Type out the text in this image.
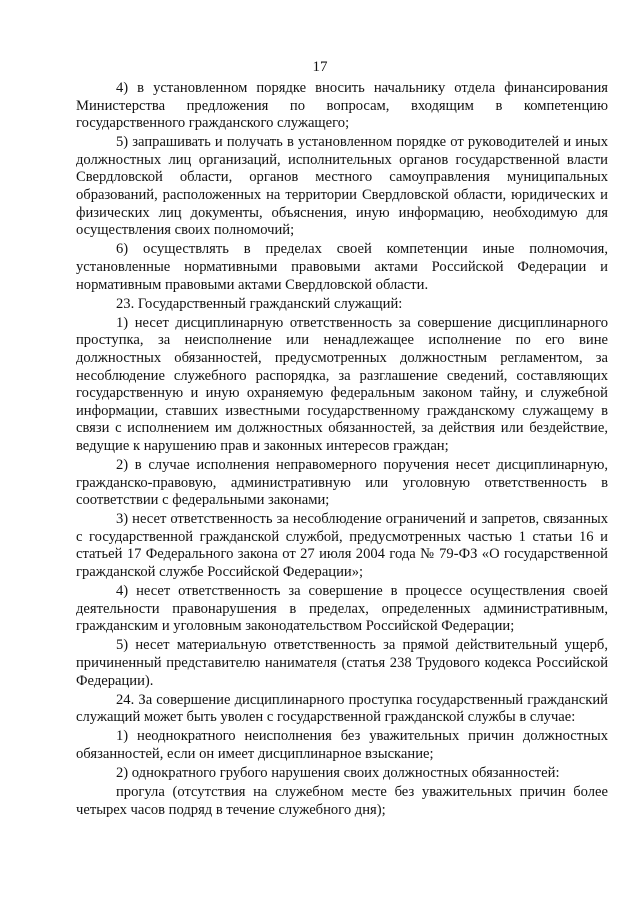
17

4) в установленном порядке вносить начальнику отдела финансирования Министерства предложения по вопросам, входящим в компетенцию государственного гражданского служащего;

5) запрашивать и получать в установленном порядке от руководителей и иных должностных лиц организаций, исполнительных органов государственной власти Свердловской области, органов местного самоуправления муниципальных образований, расположенных на территории Свердловской области, юридических и физических лиц документы, объяснения, иную информацию, необходимую для осуществления своих полномочий;

6) осуществлять в пределах своей компетенции иные полномочия, установленные нормативными правовыми актами Российской Федерации и нормативным правовыми актами Свердловской области.

23. Государственный гражданский служащий:

1) несет дисциплинарную ответственность за совершение дисциплинарного проступка, за неисполнение или ненадлежащее исполнение по его вине должностных обязанностей, предусмотренных должностным регламентом, за несоблюдение служебного распорядка, за разглашение сведений, составляющих государственную и иную охраняемую федеральным законом тайну, и служебной информации, ставших известными государственному гражданскому служащему в связи с исполнением им должностных обязанностей, за действия или бездействие, ведущие к нарушению прав и законных интересов граждан;

2) в случае исполнения неправомерного поручения несет дисциплинарную, гражданско-правовую, административную или уголовную ответственность в соответствии с федеральными законами;

3) несет ответственность за несоблюдение ограничений и запретов, связанных с государственной гражданской службой, предусмотренных частью 1 статьи 16 и статьей 17 Федерального закона от 27 июля 2004 года № 79-ФЗ «О государственной гражданской службе Российской Федерации»;

4) несет ответственность за совершение в процессе осуществления своей деятельности правонарушения в пределах, определенных административным, гражданским и уголовным законодательством Российской Федерации;

5) несет материальную ответственность за прямой действительный ущерб, причиненный представителю нанимателя (статья 238 Трудового кодекса Российской Федерации).

24. За совершение дисциплинарного проступка государственный гражданский служащий может быть уволен с государственной гражданской службы в случае:

1) неоднократного неисполнения без уважительных причин должностных обязанностей, если он имеет дисциплинарное взыскание;

2) однократного грубого нарушения своих должностных обязанностей:

прогула (отсутствия на служебном месте без уважительных причин более четырех часов подряд в течение служебного дня);
